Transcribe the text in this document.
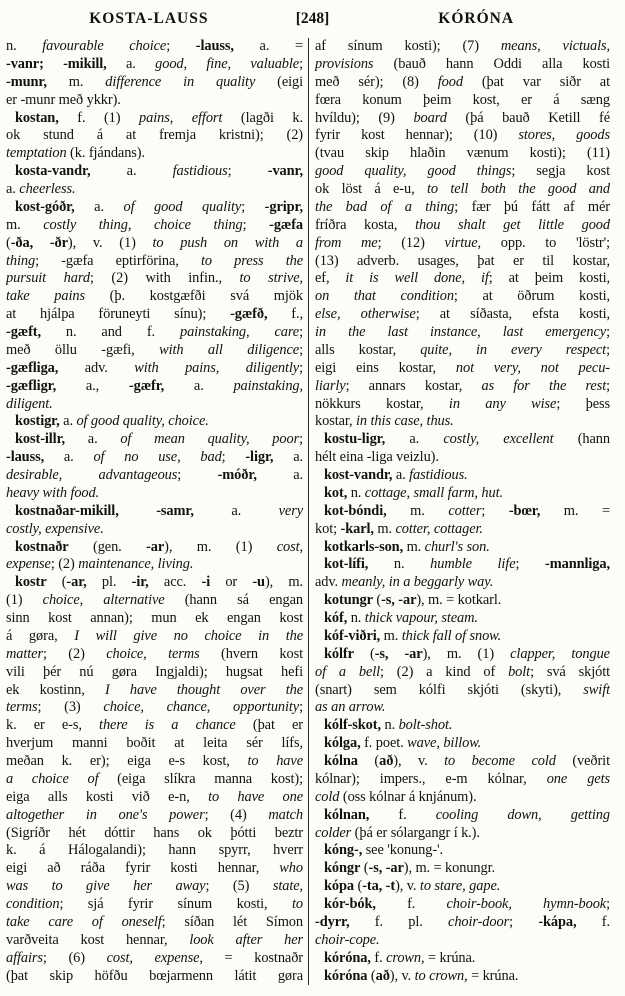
KOSTA-LAUSS	[248]	KÓRÓNA
n. favourable choice; -lauss, a. =
-vanr; -mikill, a. good, fine, valuable;
-munr, m. difference in quality (eigi
er -munr með ykkr).
kostan, f. (1) pains, effort (lagði k.
ok stund á at fremja kristni); (2)
temptation (k. fjándans).
kosta-vandr, a. fastidious; -vanr,
a. cheerless.
kost-góðr, a. of good quality; -gripr,
m. costly thing, choice thing; -gæfa
(-ða, -ðr), v. (1) to push on with a
thing; -gæfa eptirförina, to press the
pursuit hard; (2) with infin., to strive,
take pains (þ. kostgæfði svá mjök
at hjálpa föruneyti sínu); -gæfð, f.,
-gæft, n. and f. painstaking, care;
með öllu -gæfi, with all diligence;
-gæfliga, adv. with pains, diligently;
-gæfligr, a., -gæfr, a. painstaking,
diligent.
kostigr, a. of good quality, choice.
kost-illr, a. of mean quality, poor;
-lauss, a. of no use, bad; -ligr, a.
desirable, advantageous; -móðr, a.
heavy with food.
kostnaðar-mikill, -samr, a. very
costly, expensive.
kostnaðr (gen. -ar), m. (1) cost,
expense; (2) maintenance, living.
kostr (-ar, pl. -ir, acc. -i or -u), m.
(1) choice, alternative (hann sá engan
sinn kost annan); mun ek engan kost
á gøra, I will give no choice in the
matter; (2) choice, terms (hvern kost
vili þér nú gøra Ingjaldi); hugsat hefi
ek kostinn, I have thought over the
terms; (3) choice, chance, opportunity;
k. er e-s, there is a chance (þat er
hverjum manni boðit at leita sér lífs,
meðan k. er); eiga e-s kost, to have
a choice of (eiga slíkra manna kost);
eiga alls kosti við e-n, to have one
altogether in one's power; (4) match
(Sigríðr hét dóttir hans ok þótti beztr
k. á Hálogalandi); hann spyrr, hverr
eigi að ráða fyrir kosti hennar, who
was to give her away; (5) state,
condition; sjá fyrir sínum kosti, to
take care of oneself; síðan lét Símon
varðveita kost hennar, look after her
affairs; (6) cost, expense, = kostnaðr
(þat skip höfðu bœjarmenn látit gøra
af sínum kosti); (7) means, victuals,
provisions (bauð hann Oddi alla kosti
með sér); (8) food (þat var siðr at
fœra konum þeim kost, er á sæng
hvíldu); (9) board (þá bauð Ketill fé
fyrir kost hennar); (10) stores, goods
(tvau skip hlaðin vænum kosti); (11)
good quality, good things; segja kost
ok löst á e-u, to tell both the good and
the bad of a thing; fær þú fátt af mér
fríðra kosta, thou shalt get little good
from me; (12) virtue, opp. to 'löstr';
(13) adverb. usages, þat er til kostar,
ef, it is well done, if; at þeim kosti,
on that condition; at öðrum kosti,
else, otherwise; at síðasta, efsta kosti,
in the last instance, last emergency;
alls kostar, quite, in every respect;
eigi eins kostar, not very, not pecu-
liarly; annars kostar, as for the rest;
nökkurs kostar, in any wise; þess
kostar, in this case, thus.
kostu-ligr, a. costly, excellent (hann
hélt eina -liga veizlu).
kost-vandr, a. fastidious.
kot, n. cottage, small farm, hut.
kot-bóndi, m. cotter; -bœr, m. =
kot; -karl, m. cotter, cottager.
kotkarls-son, m. churl's son.
kot-lífi, n. humble life; -mannliga,
adv. meanly, in a beggarly way.
kotungr (-s, -ar), m. = kotkarl.
kóf, n. thick vapour, steam.
kóf-viðri, m. thick fall of snow.
kólfr (-s, -ar), m. (1) clapper, tongue
of a bell; (2) a kind of bolt; svá skjótt
(snart) sem kólfi skjóti (skyti), swift
as an arrow.
kólf-skot, n. bolt-shot.
kólga, f. poet. wave, billow.
kólna (að), v. to become cold (veðrit
kólnar); impers., e-m kólnar, one gets
cold (oss kólnar á knjánum).
kólnan, f. cooling down, getting
colder (þá er sólargangr í k.).
kóng-, see 'konung-'.
kóngr (-s, -ar), m. = konungr.
kópa (-ta, -t), v. to stare, gape.
kór-bók, f. choir-book, hymn-book;
-dyrr, f. pl. choir-door; -kápa, f.
choir-cope.
kóróna, f. crown, = krúna.
kóróna (að), v. to crown, = krúna.
